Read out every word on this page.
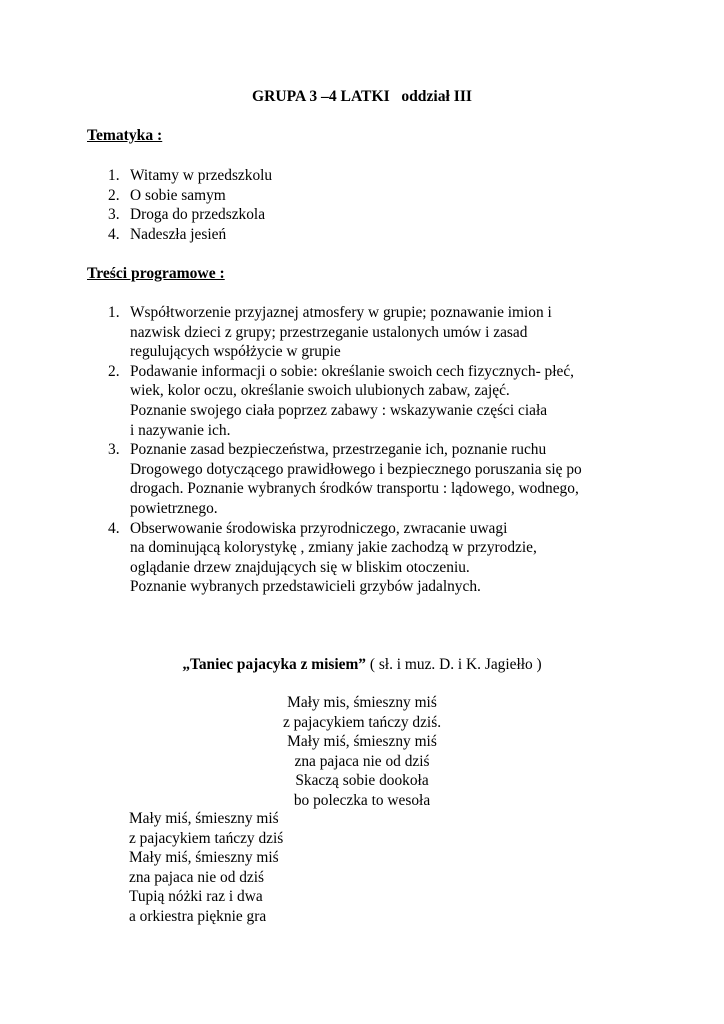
GRUPA 3 –4 LATKI   oddział III
Tematyka :
1. Witamy w przedszkolu
2. O sobie samym
3. Droga do przedszkola
4. Nadeszła jesień
Treści programowe :
1. Współtworzenie przyjaznej atmosfery w grupie; poznawanie imion i
nazwisk dzieci z grupy; przestrzeganie ustalonych umów i zasad
regulujących współżycie w grupie
2. Podawanie informacji o sobie: określanie swoich cech fizycznych- płeć,
wiek, kolor oczu, określanie swoich ulubionych zabaw, zajęć.
Poznanie swojego ciała poprzez zabawy : wskazywanie części ciała
i nazywanie ich.
3. Poznanie zasad bezpieczeństwa, przestrzeganie ich, poznanie ruchu
Drogowego dotyczącego prawidłowego i bezpiecznego poruszania się po
drogach. Poznanie wybranych środków transportu : lądowego, wodnego,
powietrznego.
4. Obserwowanie środowiska przyrodniczego, zwracanie uwagi
na dominującą kolorystykę , zmiany jakie zachodzą w przyrodzie,
oglądanie drzew znajdujących się w bliskim otoczeniu.
Poznanie wybranych przedstawicieli grzybów jadalnych.
„Taniec pajacyka z misiem” ( sł. i muz. D. i K. Jagiełło )
Mały mis, śmieszny miś
z pajacykiem tańczy dziś.
Mały miś, śmieszny miś
zna pajaca nie od dziś
Skaczą sobie dookoła
bo poleczka to wesoła
Mały miś, śmieszny miś
z pajacykiem tańczy dziś
Mały miś, śmieszny miś
zna pajaca nie od dziś
Tupią nóżki raz i dwa
a orkiestra pięknie gra
